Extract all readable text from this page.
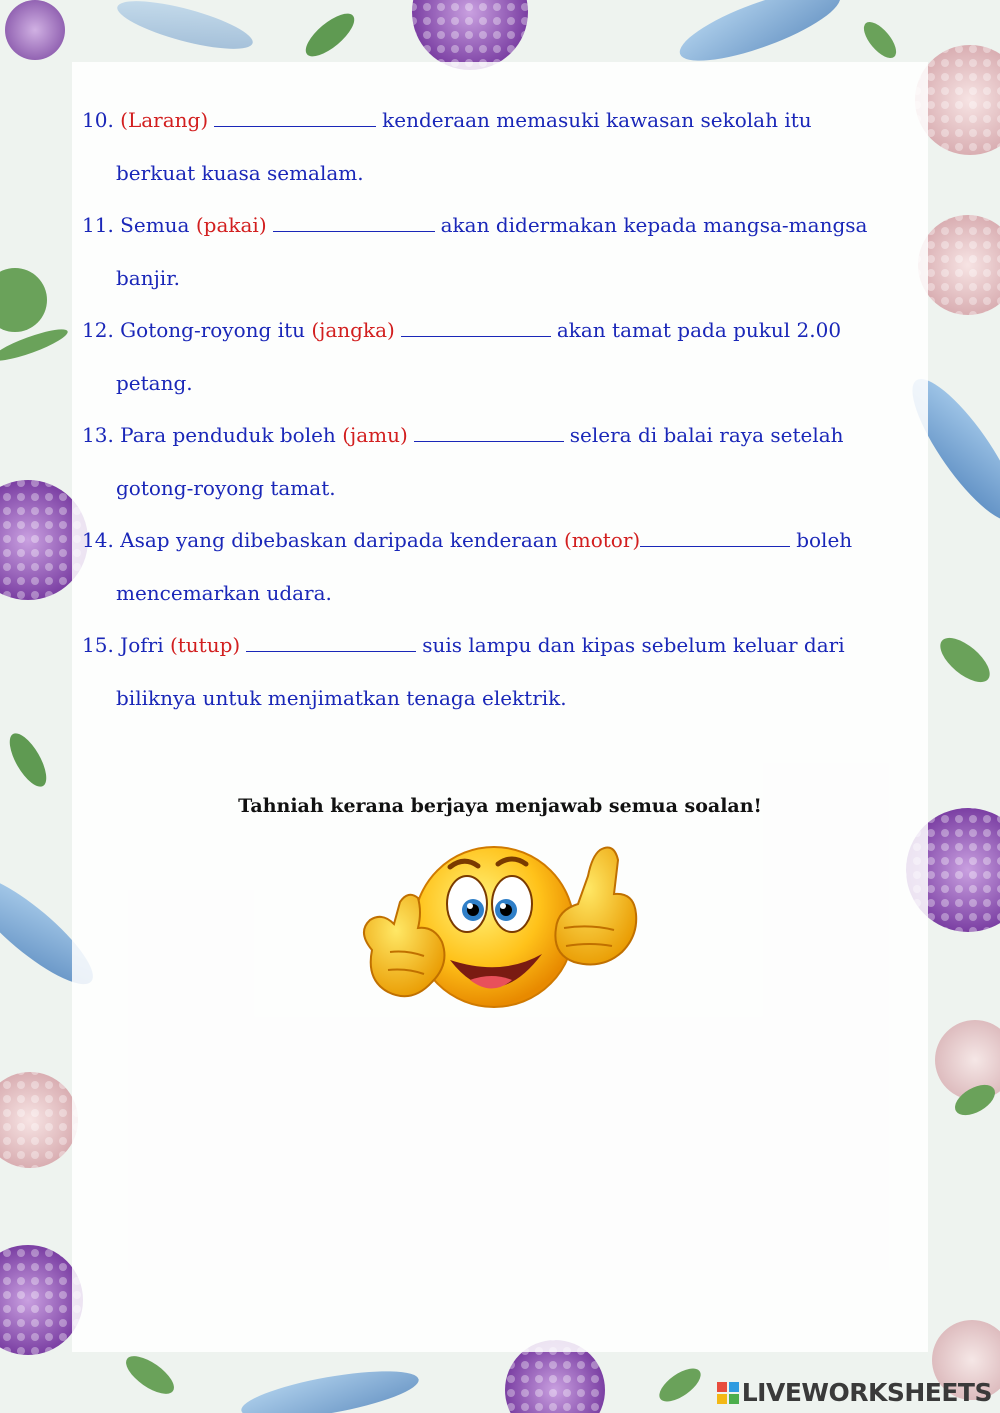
10. (Larang)	kenderaan memasuki kawasan sekolah itu
berkuat kuasa semalam.
11. Semua (pakai)	akan didermakan kepada mangsa-mangsa
banjir.
12. Gotong-royong itu (jangka)	akan tamat pada pukul 2.00
petang.
13. Para penduduk boleh (jamu)	selera di balai raya setelah
gotong-royong tamat.
14. Asap yang dibebaskan daripada kenderaan (motor)	boleh
mencemarkan udara.
15. Jofri (tutup)	suis lampu dan kipas sebelum keluar dari
biliknya untuk menjimatkan tenaga elektrik.
Tahniah kerana berjaya menjawab semua soalan!
LIVEWORKSHEETS
